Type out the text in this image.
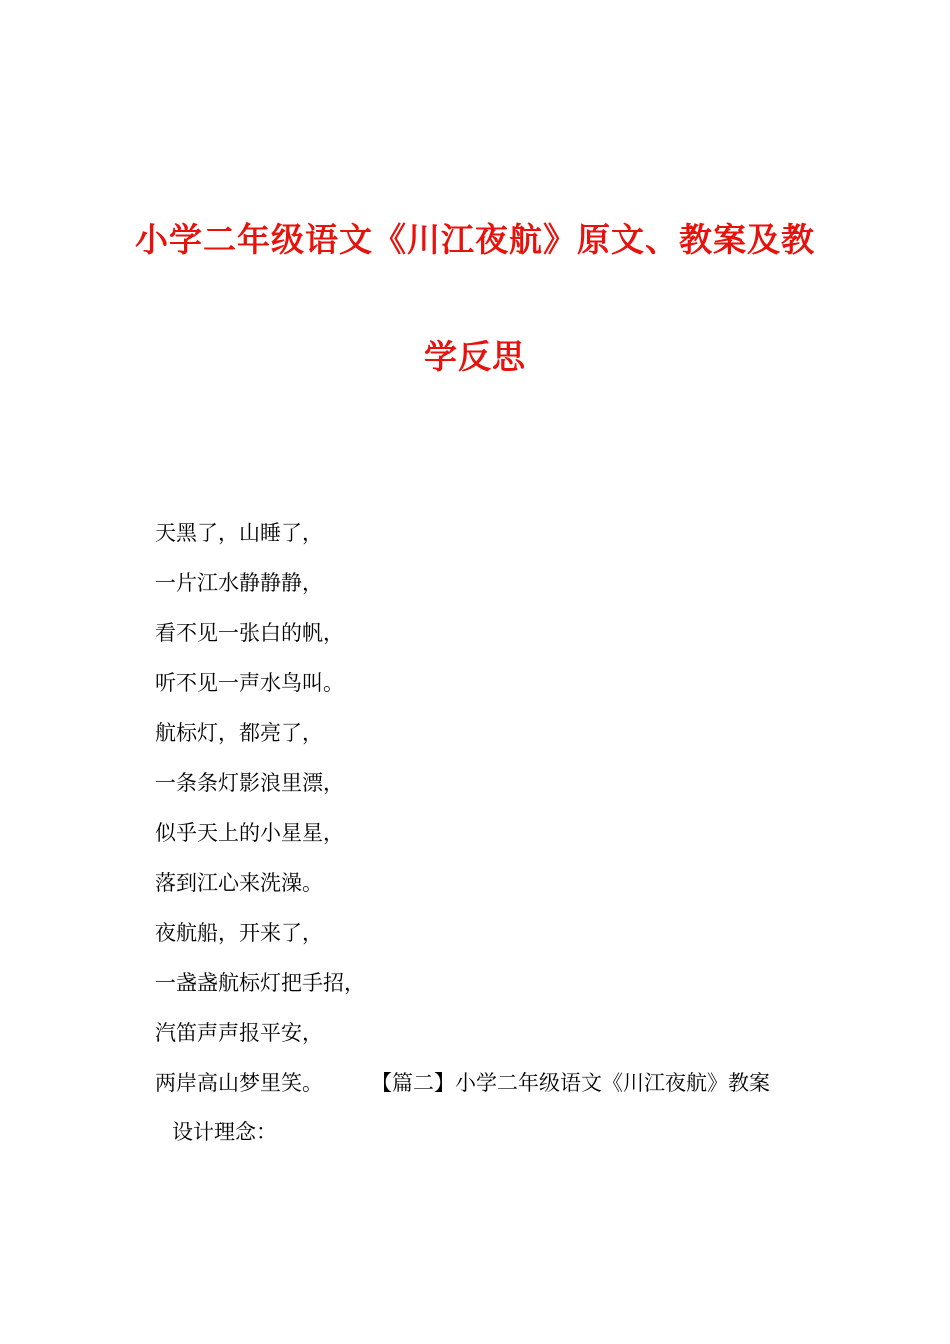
小学二年级语文《川江夜航》原文、教案及教
学反思
天黑了，山睡了，
一片江水静静静，
看不见一张白的帆，
听不见一声水鸟叫。
航标灯，都亮了，
一条条灯影浪里漂，
似乎天上的小星星，
落到江心来洗澡。
夜航船，开来了，
一盏盏航标灯把手招，
汽笛声声报平安，
两岸高山梦里笑。	【篇二】小学二年级语文《川江夜航》教案
设计理念：
